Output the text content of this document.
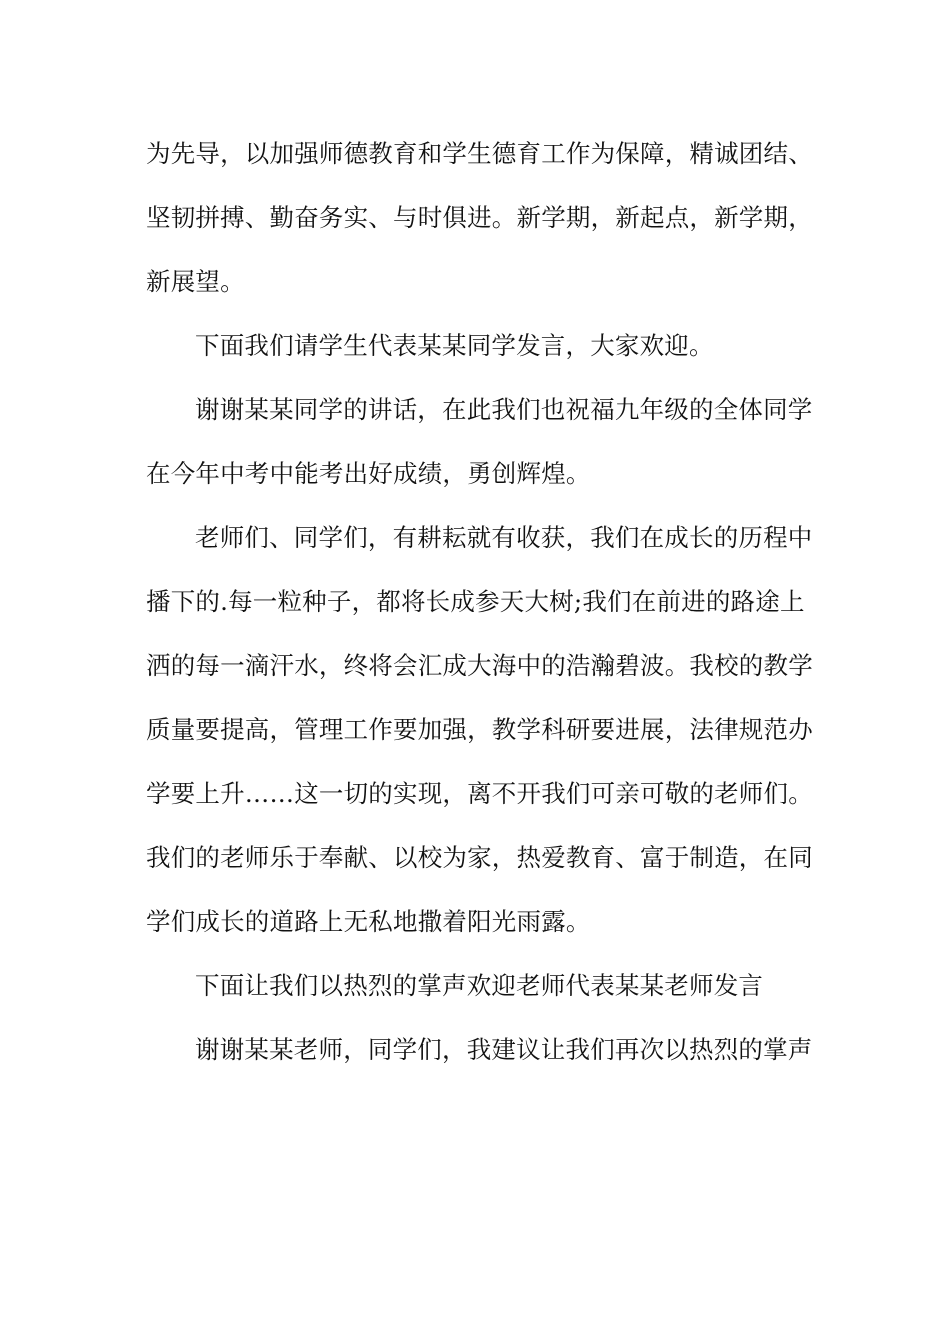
为先导，以加强师德教育和学生德育工作为保障，精诚团结、
坚韧拼搏、勤奋务实、与时俱进。新学期，新起点，新学期，
新展望。
下面我们请学生代表某某同学发言，大家欢迎。
谢谢某某同学的讲话，在此我们也祝福九年级的全体同学
在今年中考中能考出好成绩，勇创辉煌。
老师们、同学们，有耕耘就有收获，我们在成长的历程中
播下的.每一粒种子，都将长成参天大树;我们在前进的路途上
洒的每一滴汗水，终将会汇成大海中的浩瀚碧波。我校的教学
质量要提高，管理工作要加强，教学科研要进展，法律规范办
学要上升……这一切的实现，离不开我们可亲可敬的老师们。
我们的老师乐于奉献、以校为家，热爱教育、富于制造，在同
学们成长的道路上无私地撒着阳光雨露。
下面让我们以热烈的掌声欢迎老师代表某某老师发言
谢谢某某老师，同学们，我建议让我们再次以热烈的掌声
